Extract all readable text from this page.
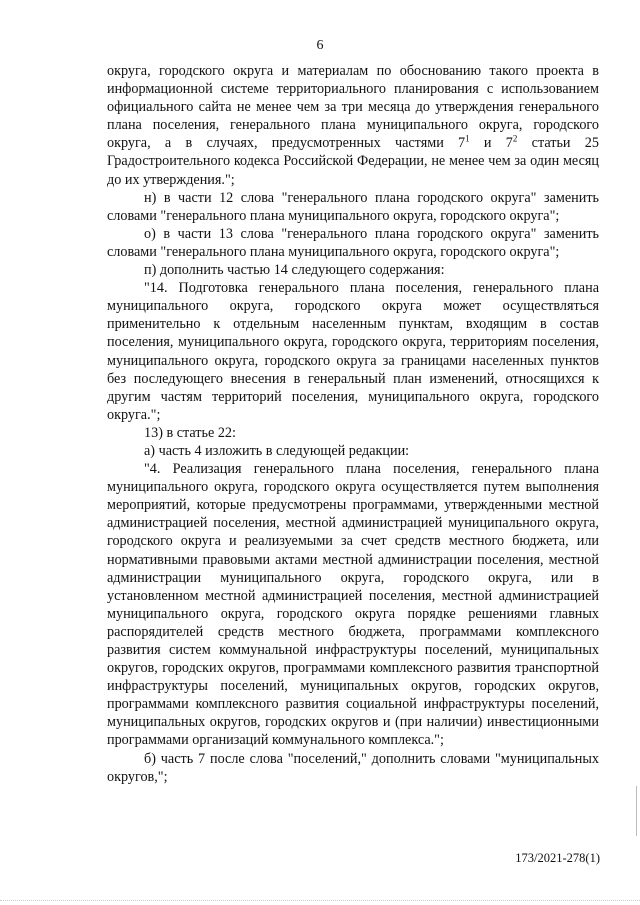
6

округа, городского округа и материалам по обоснованию такого проекта в информационной системе территориального планирования с использованием официального сайта не менее чем за три месяца до утверждения генерального плана поселения, генерального плана муниципального округа, городского округа, а в случаях, предусмотренных частями $7^1$ и $7^2$ статьи 25 Градостроительного кодекса Российской Федерации, не менее чем за один месяц до их утверждения.";

н) в части 12 слова "генерального плана городского округа" заменить словами "генерального плана муниципального округа, городского округа";

о) в части 13 слова "генерального плана городского округа" заменить словами "генерального плана муниципального округа, городского округа";

п) дополнить частью 14 следующего содержания:

"14. Подготовка генерального плана поселения, генерального плана муниципального округа, городского округа может осуществляться применительно к отдельным населенным пунктам, входящим в состав поселения, муниципального округа, городского округа, территориям поселения, муниципального округа, городского округа за границами населенных пунктов без последующего внесения в генеральный план изменений, относящихся к другим частям территорий поселения, муниципального округа, городского округа.";

13) в статье 22:

а) часть 4 изложить в следующей редакции:

"4. Реализация генерального плана поселения, генерального плана муниципального округа, городского округа осуществляется путем выполнения мероприятий, которые предусмотрены программами, утвержденными местной администрацией поселения, местной администрацией муниципального округа, городского округа и реализуемыми за счет средств местного бюджета, или нормативными правовыми актами местной администрации поселения, местной администрации муниципального округа, городского округа, или в установленном местной администрацией поселения, местной администрацией муниципального округа, городского округа порядке решениями главных распорядителей средств местного бюджета, программами комплексного развития систем коммунальной инфраструктуры поселений, муниципальных округов, городских округов, программами комплексного развития транспортной инфраструктуры поселений, муниципальных округов, городских округов, программами комплексного развития социальной инфраструктуры поселений, муниципальных округов, городских округов и (при наличии) инвестиционными программами организаций коммунального комплекса.";

б) часть 7 после слова "поселений," дополнить словами "муниципальных округов,";

173/2021-278(1)
